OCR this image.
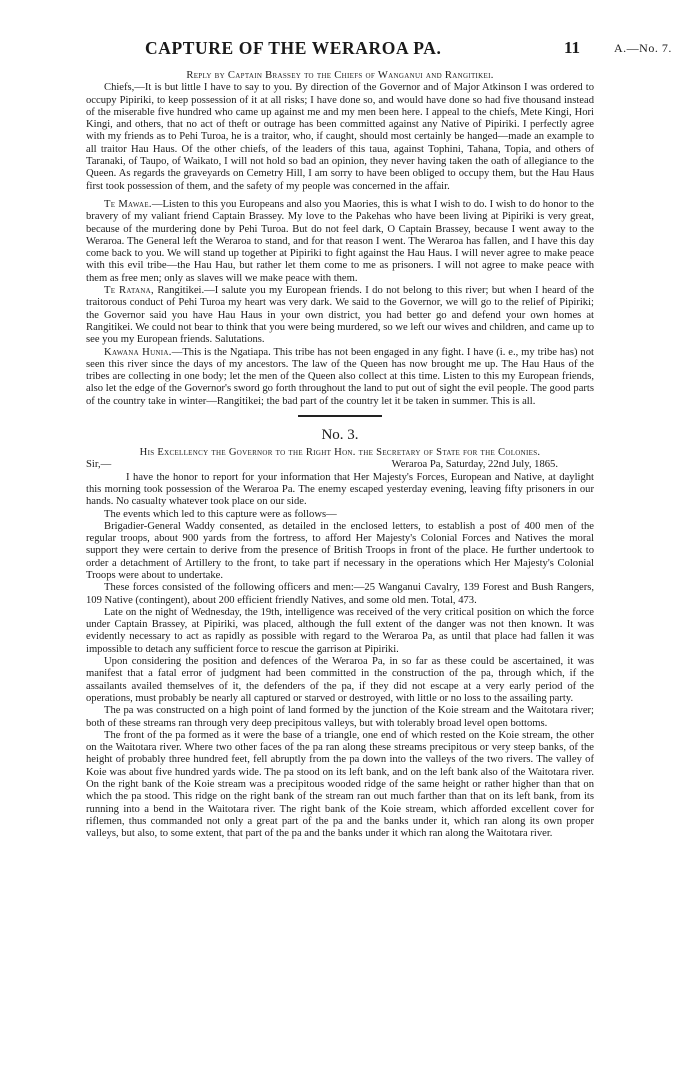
CAPTURE OF THE WERAROA PA.	11	A.—No. 7.

Reply by Captain Brassey to the Chiefs of Wanganui and Rangitikei.

Chiefs,—It is but little I have to say to you. By direction of the Governor and of Major Atkinson I was ordered to occupy Pipiriki, to keep possession of it at all risks; I have done so, and would have done so had five thousand instead of the miserable five hundred who came up against me and my men been here. I appeal to the chiefs, Mete Kingi, Hori Kingi, and others, that no act of theft or outrage has been committed against any Native of Pipiriki. I perfectly agree with my friends as to Pehi Turoa, he is a traitor, who, if caught, should most certainly be hanged—made an example to all traitor Hau Haus. Of the other chiefs, of the leaders of this taua, against Tophini, Tahana, Topia, and others of Taranaki, of Taupo, of Waikato, I will not hold so bad an opinion, they never having taken the oath of allegiance to the Queen. As regards the graveyards on Cemetry Hill, I am sorry to have been obliged to occupy them, but the Hau Haus first took possession of them, and the safety of my people was concerned in the affair.

Te Mawae.—Listen to this you Europeans and also you Maories, this is what I wish to do. I wish to do honor to the bravery of my valiant friend Captain Brassey. My love to the Pakehas who have been living at Pipiriki is very great, because of the murdering done by Pehi Turoa. But do not feel dark, O Captain Brassey, because I went away to the Weraroa. The General left the Weraroa to stand, and for that reason I went. The Weraroa has fallen, and I have this day come back to you. We will stand up together at Pipiriki to fight against the Hau Haus. I will never agree to make peace with this evil tribe—the Hau Hau, but rather let them come to me as prisoners. I will not agree to make peace with them as free men; only as slaves will we make peace with them.

Te Ratana, Rangitikei.—I salute you my European friends. I do not belong to this river; but when I heard of the traitorous conduct of Pehi Turoa my heart was very dark. We said to the Governor, we will go to the relief of Pipiriki; the Governor said you have Hau Haus in your own district, you had better go and defend your own homes at Rangitikei. We could not bear to think that you were being murdered, so we left our wives and children, and came up to see you my European friends. Salutations.

Kawana Hunia.—This is the Ngatiapa. This tribe has not been engaged in any fight. I have (i. e., my tribe has) not seen this river since the days of my ancestors. The law of the Queen has now brought me up. The Hau Haus of the tribes are collecting in one body; let the men of the Queen also collect at this time. Listen to this my European friends, also let the edge of the Governor's sword go forth throughout the land to put out of sight the evil people. The good parts of the country take in winter—Rangitikei; the bad part of the country let it be taken in summer. This is all.

No. 3.

His Excellency the Governor to the Right Hon. the Secretary of State for the Colonies.

Sir,—	Weraroa Pa, Saturday, 22nd July, 1865.

I have the honor to report for your information that Her Majesty's Forces, European and Native, at daylight this morning took possession of the Weraroa Pa. The enemy escaped yesterday evening, leaving fifty prisoners in our hands. No casualty whatever took place on our side.

The events which led to this capture were as follows—

Brigadier-General Waddy consented, as detailed in the enclosed letters, to establish a post of 400 men of the regular troops, about 900 yards from the fortress, to afford Her Majesty's Colonial Forces and Natives the moral support they were certain to derive from the presence of British Troops in front of the place. He further undertook to order a detachment of Artillery to the front, to take part if necessary in the operations which Her Majesty's Colonial Troops were about to undertake.

These forces consisted of the following officers and men:—25 Wanganui Cavalry, 139 Forest and Bush Rangers, 109 Native (contingent), about 200 efficient friendly Natives, and some old men. Total, 473.

Late on the night of Wednesday, the 19th, intelligence was received of the very critical position on which the force under Captain Brassey, at Pipiriki, was placed, although the full extent of the danger was not then known. It was evidently necessary to act as rapidly as possible with regard to the Weraroa Pa, as until that place had fallen it was impossible to detach any sufficient force to rescue the garrison at Pipiriki.

Upon considering the position and defences of the Weraroa Pa, in so far as these could be ascertained, it was manifest that a fatal error of judgment had been committed in the construction of the pa, through which, if the assailants availed themselves of it, the defenders of the pa, if they did not escape at a very early period of the operations, must probably be nearly all captured or starved or destroyed, with little or no loss to the assailing party.

The pa was constructed on a high point of land formed by the junction of the Koie stream and the Waitotara river; both of these streams ran through very deep precipitous valleys, but with tolerably broad level open bottoms.

The front of the pa formed as it were the base of a triangle, one end of which rested on the Koie stream, the other on the Waitotara river. Where two other faces of the pa ran along these streams precipitous or very steep banks, of the height of probably three hundred feet, fell abruptly from the pa down into the valleys of the two rivers. The valley of Koie was about five hundred yards wide. The pa stood on its left bank, and on the left bank also of the Waitotara river. On the right bank of the Koie stream was a precipitous wooded ridge of the same height or rather higher than that on which the pa stood. This ridge on the right bank of the stream ran out much farther than that on its left bank, from its running into a bend in the Waitotara river. The right bank of the Koie stream, which afforded excellent cover for riflemen, thus commanded not only a great part of the pa and the banks under it, which ran along its own proper valleys, but also, to some extent, that part of the pa and the banks under it which ran along the Waitotara river.
